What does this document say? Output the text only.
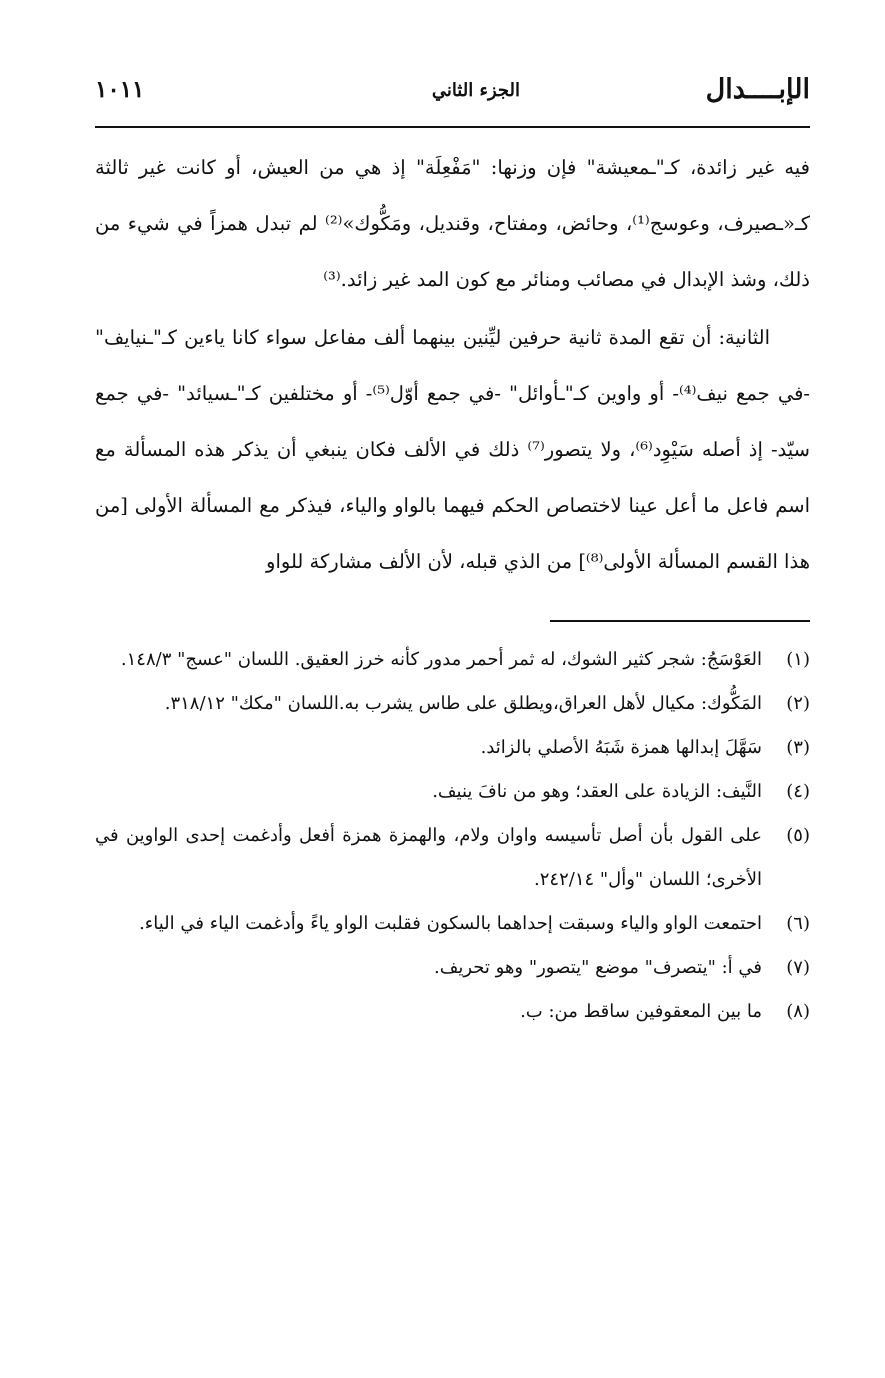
الإبــــدال
الجزء الثاني
١٠١١

فيه غير زائدة، كـ"ـمعيشة" فإن وزنها: "مَفْعِلَة" إذ هي من العيش، أو كانت غير ثالثة كـ«ـصيرف، وعوسج⁽¹⁾، وحائض، ومفتاح، وقنديل، ومَكُّوك»⁽²⁾ لم تبدل همزاً في شيء من ذلك، وشذ الإبدال في مصائب ومنائر مع كون المد غير زائد.⁽³⁾

الثانية: أن تقع المدة ثانية حرفين ليِّنين بينهما ألف مفاعل سواء كانا ياءين كـ"ـنيايف" -في جمع نيف⁽⁴⁾- أو واوين كـ"ـأوائل" -في جمع أوّل⁽⁵⁾- أو مختلفين كـ"ـسيائد" -في جمع سيّد- إذ أصله سَيْوِد⁽⁶⁾، ولا يتصور⁽⁷⁾ ذلك في الألف فكان ينبغي أن يذكر هذه المسألة مع اسم فاعل ما أعل عينا لاختصاص الحكم فيهما بالواو والياء، فيذكر مع المسألة الأولى [من هذا القسم المسألة الأولى⁽⁸⁾] من الذي قبله، لأن الألف مشاركة للواو

(١)
العَوْسَجُ: شجر كثير الشوك، له ثمر أحمر مدور كأنه خرز العقيق. اللسان "عسج" ١٤٨/٣.
(٢)
المَكُّوك: مكيال لأهل العراق،ويطلق على طاس يشرب به.اللسان "مكك" ٣١٨/١٢.
(٣)
سَهَّلَ إبدالها همزة شَبَهُ الأصلي بالزائد.
(٤)
النَّيف: الزيادة على العقد؛ وهو من نافَ ينيف.
(٥)
على القول بأن أصل تأسيسه واوان ولام، والهمزة همزة أفعل وأدغمت إحدى الواوين في الأخرى؛ اللسان "وأل" ٢٤٢/١٤.
(٦)
احتمعت الواو والياء وسبقت إحداهما بالسكون فقلبت الواو ياءً وأدغمت الياء في الياء.
(٧)
في أ: "يتصرف" موضع "يتصور" وهو تحريف.
(٨)
ما بين المعقوفين ساقط من: ب.
